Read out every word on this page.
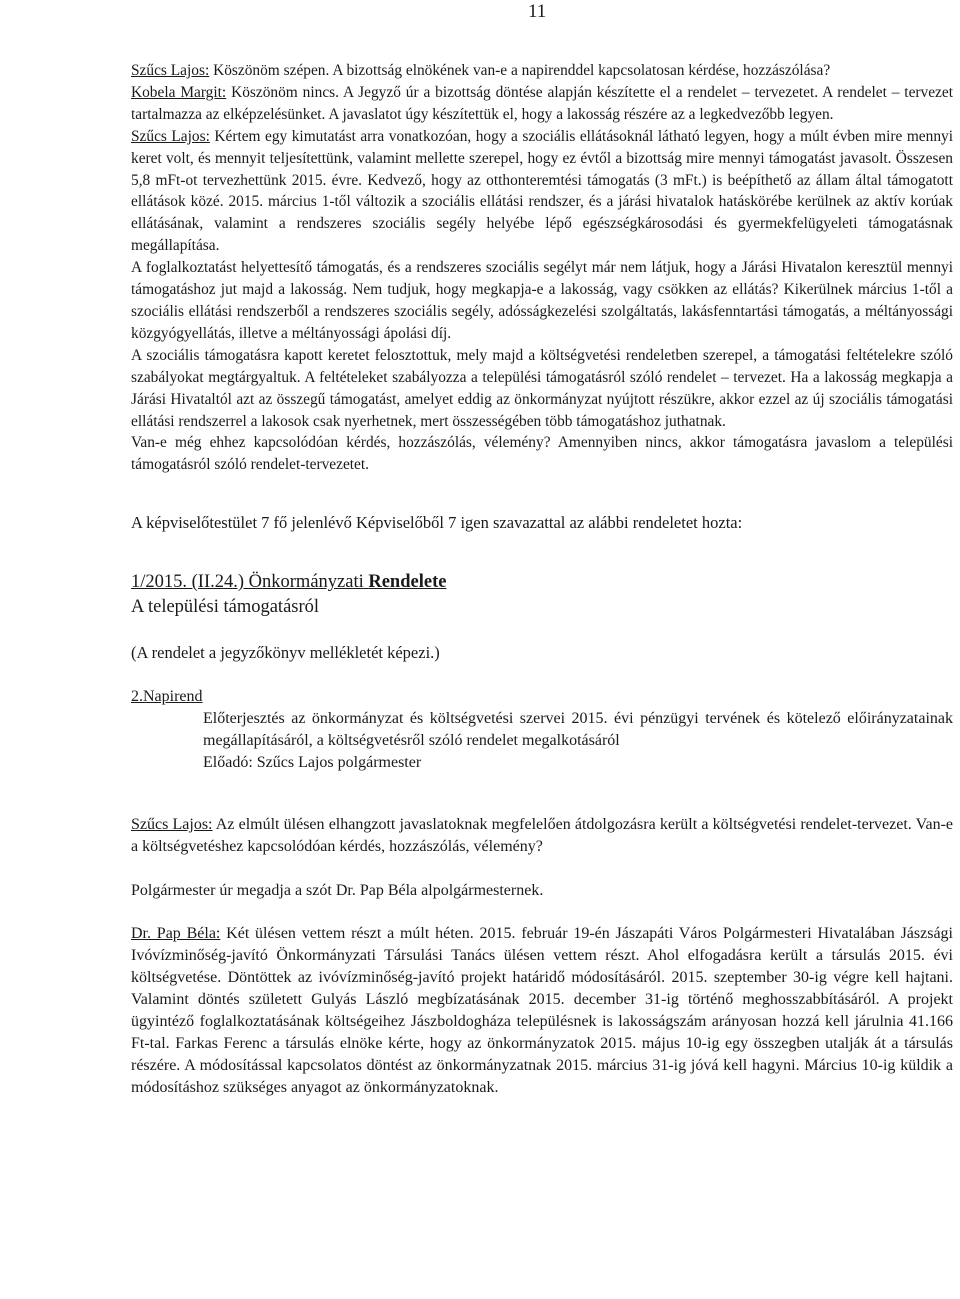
11

Szűcs Lajos: Köszönöm szépen. A bizottság elnökének van-e a napirenddel kapcsolatosan kérdése, hozzászólása?

Kobela Margit: Köszönöm nincs. A Jegyző úr a bizottság döntése alapján készítette el a rendelet – tervezetet. A rendelet – tervezet tartalmazza az elképzelésünket. A javaslatot úgy készítettük el, hogy a lakosság részére az a legkedvezőbb legyen.

Szűcs Lajos: Kértem egy kimutatást arra vonatkozóan, hogy a szociális ellátásoknál látható legyen, hogy a múlt évben mire mennyi keret volt, és mennyit teljesítettünk, valamint mellette szerepel, hogy ez évtől a bizottság mire mennyi támogatást javasolt. Összesen 5,8 mFt-ot tervezhettünk 2015. évre. Kedvező, hogy az otthonteremtési támogatás (3 mFt.) is beépíthető az állam által támogatott ellátások közé. 2015. március 1-től változik a szociális ellátási rendszer, és a járási hivatalok hatáskörébe kerülnek az aktív korúak ellátásának, valamint a rendszeres szociális segély helyébe lépő egészségkárosodási és gyermekfelügyeleti támogatásnak megállapítása.

A foglalkoztatást helyettesítő támogatás, és a rendszeres szociális segélyt már nem látjuk, hogy a Járási Hivatalon keresztül mennyi támogatáshoz jut majd a lakosság. Nem tudjuk, hogy megkapja-e a lakosság, vagy csökken az ellátás? Kikerülnek március 1-től a szociális ellátási rendszerből a rendszeres szociális segély, adósságkezelési szolgáltatás, lakásfenntartási támogatás, a méltányossági közgyógyellátás, illetve a méltányossági ápolási díj.

A szociális támogatásra kapott keretet felosztottuk, mely majd a költségvetési rendeletben szerepel, a támogatási feltételekre szóló szabályokat megtárgyaltuk. A feltételeket szabályozza a települési támogatásról szóló rendelet – tervezet. Ha a lakosság megkapja a Járási Hivataltól azt az összegű támogatást, amelyet eddig az önkormányzat nyújtott részükre, akkor ezzel az új szociális támogatási ellátási rendszerrel a lakosok csak nyerhetnek, mert összességében több támogatáshoz juthatnak.

Van-e még ehhez kapcsolódóan kérdés, hozzászólás, vélemény? Amennyiben nincs, akkor támogatásra javaslom a települési támogatásról szóló rendelet-tervezetet.

A képviselőtestület 7 fő jelenlévő Képviselőből 7 igen szavazattal az alábbi rendeletet hozta:

1/2015. (II.24.) Önkormányzati Rendelete

A települési támogatásról

(A rendelet a jegyzőkönyv mellékletét képezi.)

2.Napirend

Előterjesztés az önkormányzat és költségvetési szervei 2015. évi pénzügyi tervének és kötelező előirányzatainak megállapításáról, a költségvetésről szóló rendelet megalkotásáról

Előadó: Szűcs Lajos polgármester

Szűcs Lajos: Az elmúlt ülésen elhangzott javaslatoknak megfelelően átdolgozásra került a költségvetési rendelet-tervezet. Van-e a költségvetéshez kapcsolódóan kérdés, hozzászólás, vélemény?

Polgármester úr megadja a szót Dr. Pap Béla alpolgármesternek.

Dr. Pap Béla: Két ülésen vettem részt a múlt héten. 2015. február 19-én Jászapáti Város Polgármesteri Hivatalában Jászsági Ivóvízminőség-javító Önkormányzati Társulási Tanács ülésen vettem részt. Ahol elfogadásra került a társulás 2015. évi költségvetése. Döntöttek az ivóvízminőség-javító projekt határidő módosításáról. 2015. szeptember 30-ig végre kell hajtani. Valamint döntés született Gulyás László megbízatásának 2015. december 31-ig történő meghosszabbításáról. A projekt ügyintéző foglalkoztatásának költségeihez Jászboldogháza településnek is lakosságszám arányosan hozzá kell járulnia 41.166 Ft-tal. Farkas Ferenc a társulás elnöke kérte, hogy az önkormányzatok 2015. május 10-ig egy összegben utalják át a társulás részére. A módosítással kapcsolatos döntést az önkormányzatnak 2015. március 31-ig jóvá kell hagyni. Március 10-ig küldik a módosításhoz szükséges anyagot az önkormányzatoknak.
